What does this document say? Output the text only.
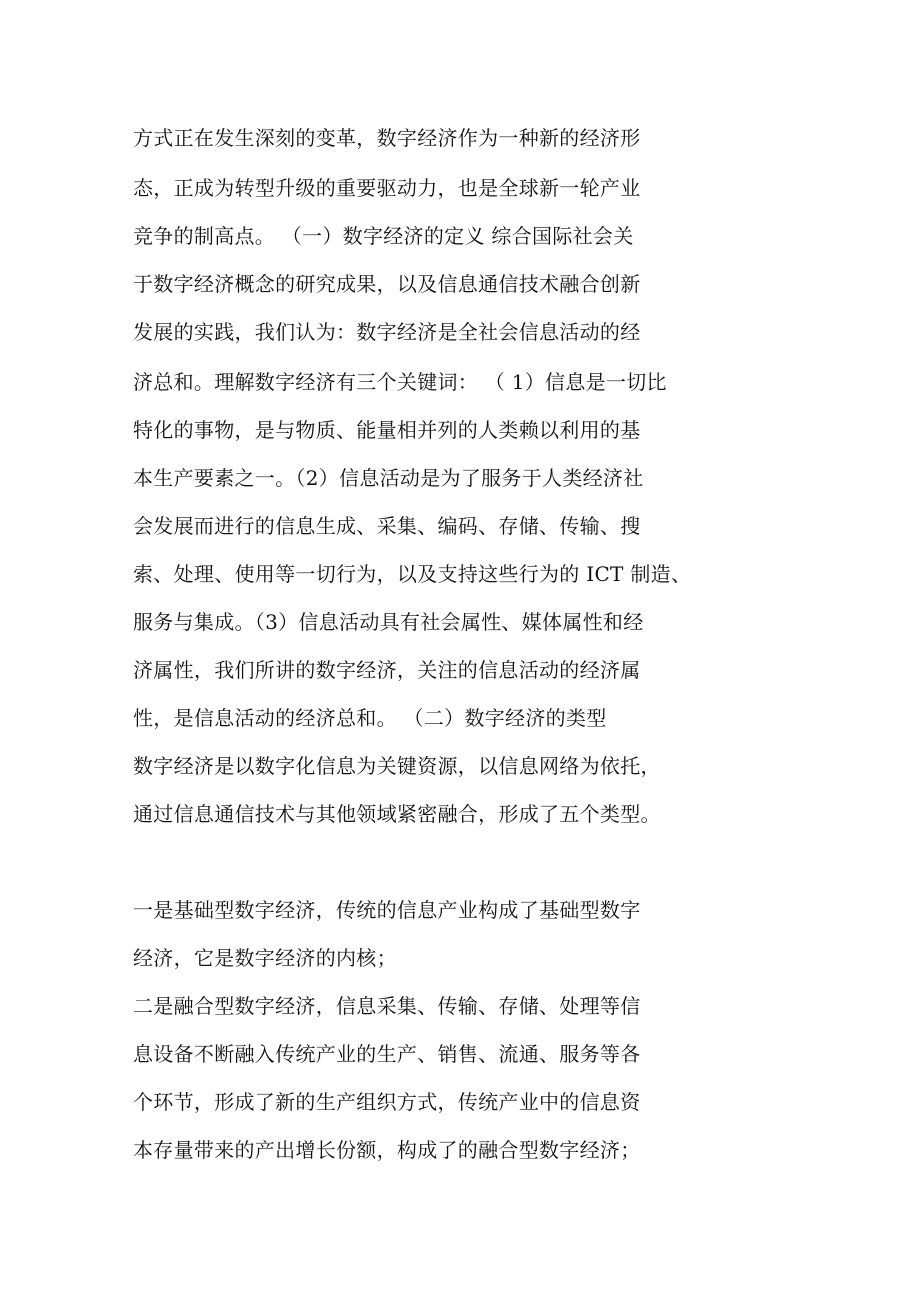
方式正在发生深刻的变革，数字经济作为一种新的经济形
态，正成为转型升级的重要驱动力，也是全球新一轮产业
竞争的制高点。 （一）数字经济的定义 综合国际社会关
于数字经济概念的研究成果，以及信息通信技术融合创新
发展的实践，我们认为：数字经济是全社会信息活动的经
济总和。理解数字经济有三个关键词： （ 1）信息是一切比
特化的事物，是与物质、能量相并列的人类赖以利用的基
本生产要素之一。（2）信息活动是为了服务于人类经济社
会发展而进行的信息生成、采集、编码、存储、传输、搜
索、处理、使用等一切行为，以及支持这些行为的 ICT 制造、
服务与集成。（3）信息活动具有社会属性、媒体属性和经
济属性，我们所讲的数字经济，关注的信息活动的经济属
性，是信息活动的经济总和。 （二）数字经济的类型
数字经济是以数字化信息为关键资源，以信息网络为依托，
通过信息通信技术与其他领域紧密融合，形成了五个类型。
一是基础型数字经济，传统的信息产业构成了基础型数字
经济，它是数字经济的内核；
二是融合型数字经济，信息采集、传输、存储、处理等信
息设备不断融入传统产业的生产、销售、流通、服务等各
个环节，形成了新的生产组织方式，传统产业中的信息资
本存量带来的产出增长份额，构成了的融合型数字经济；
